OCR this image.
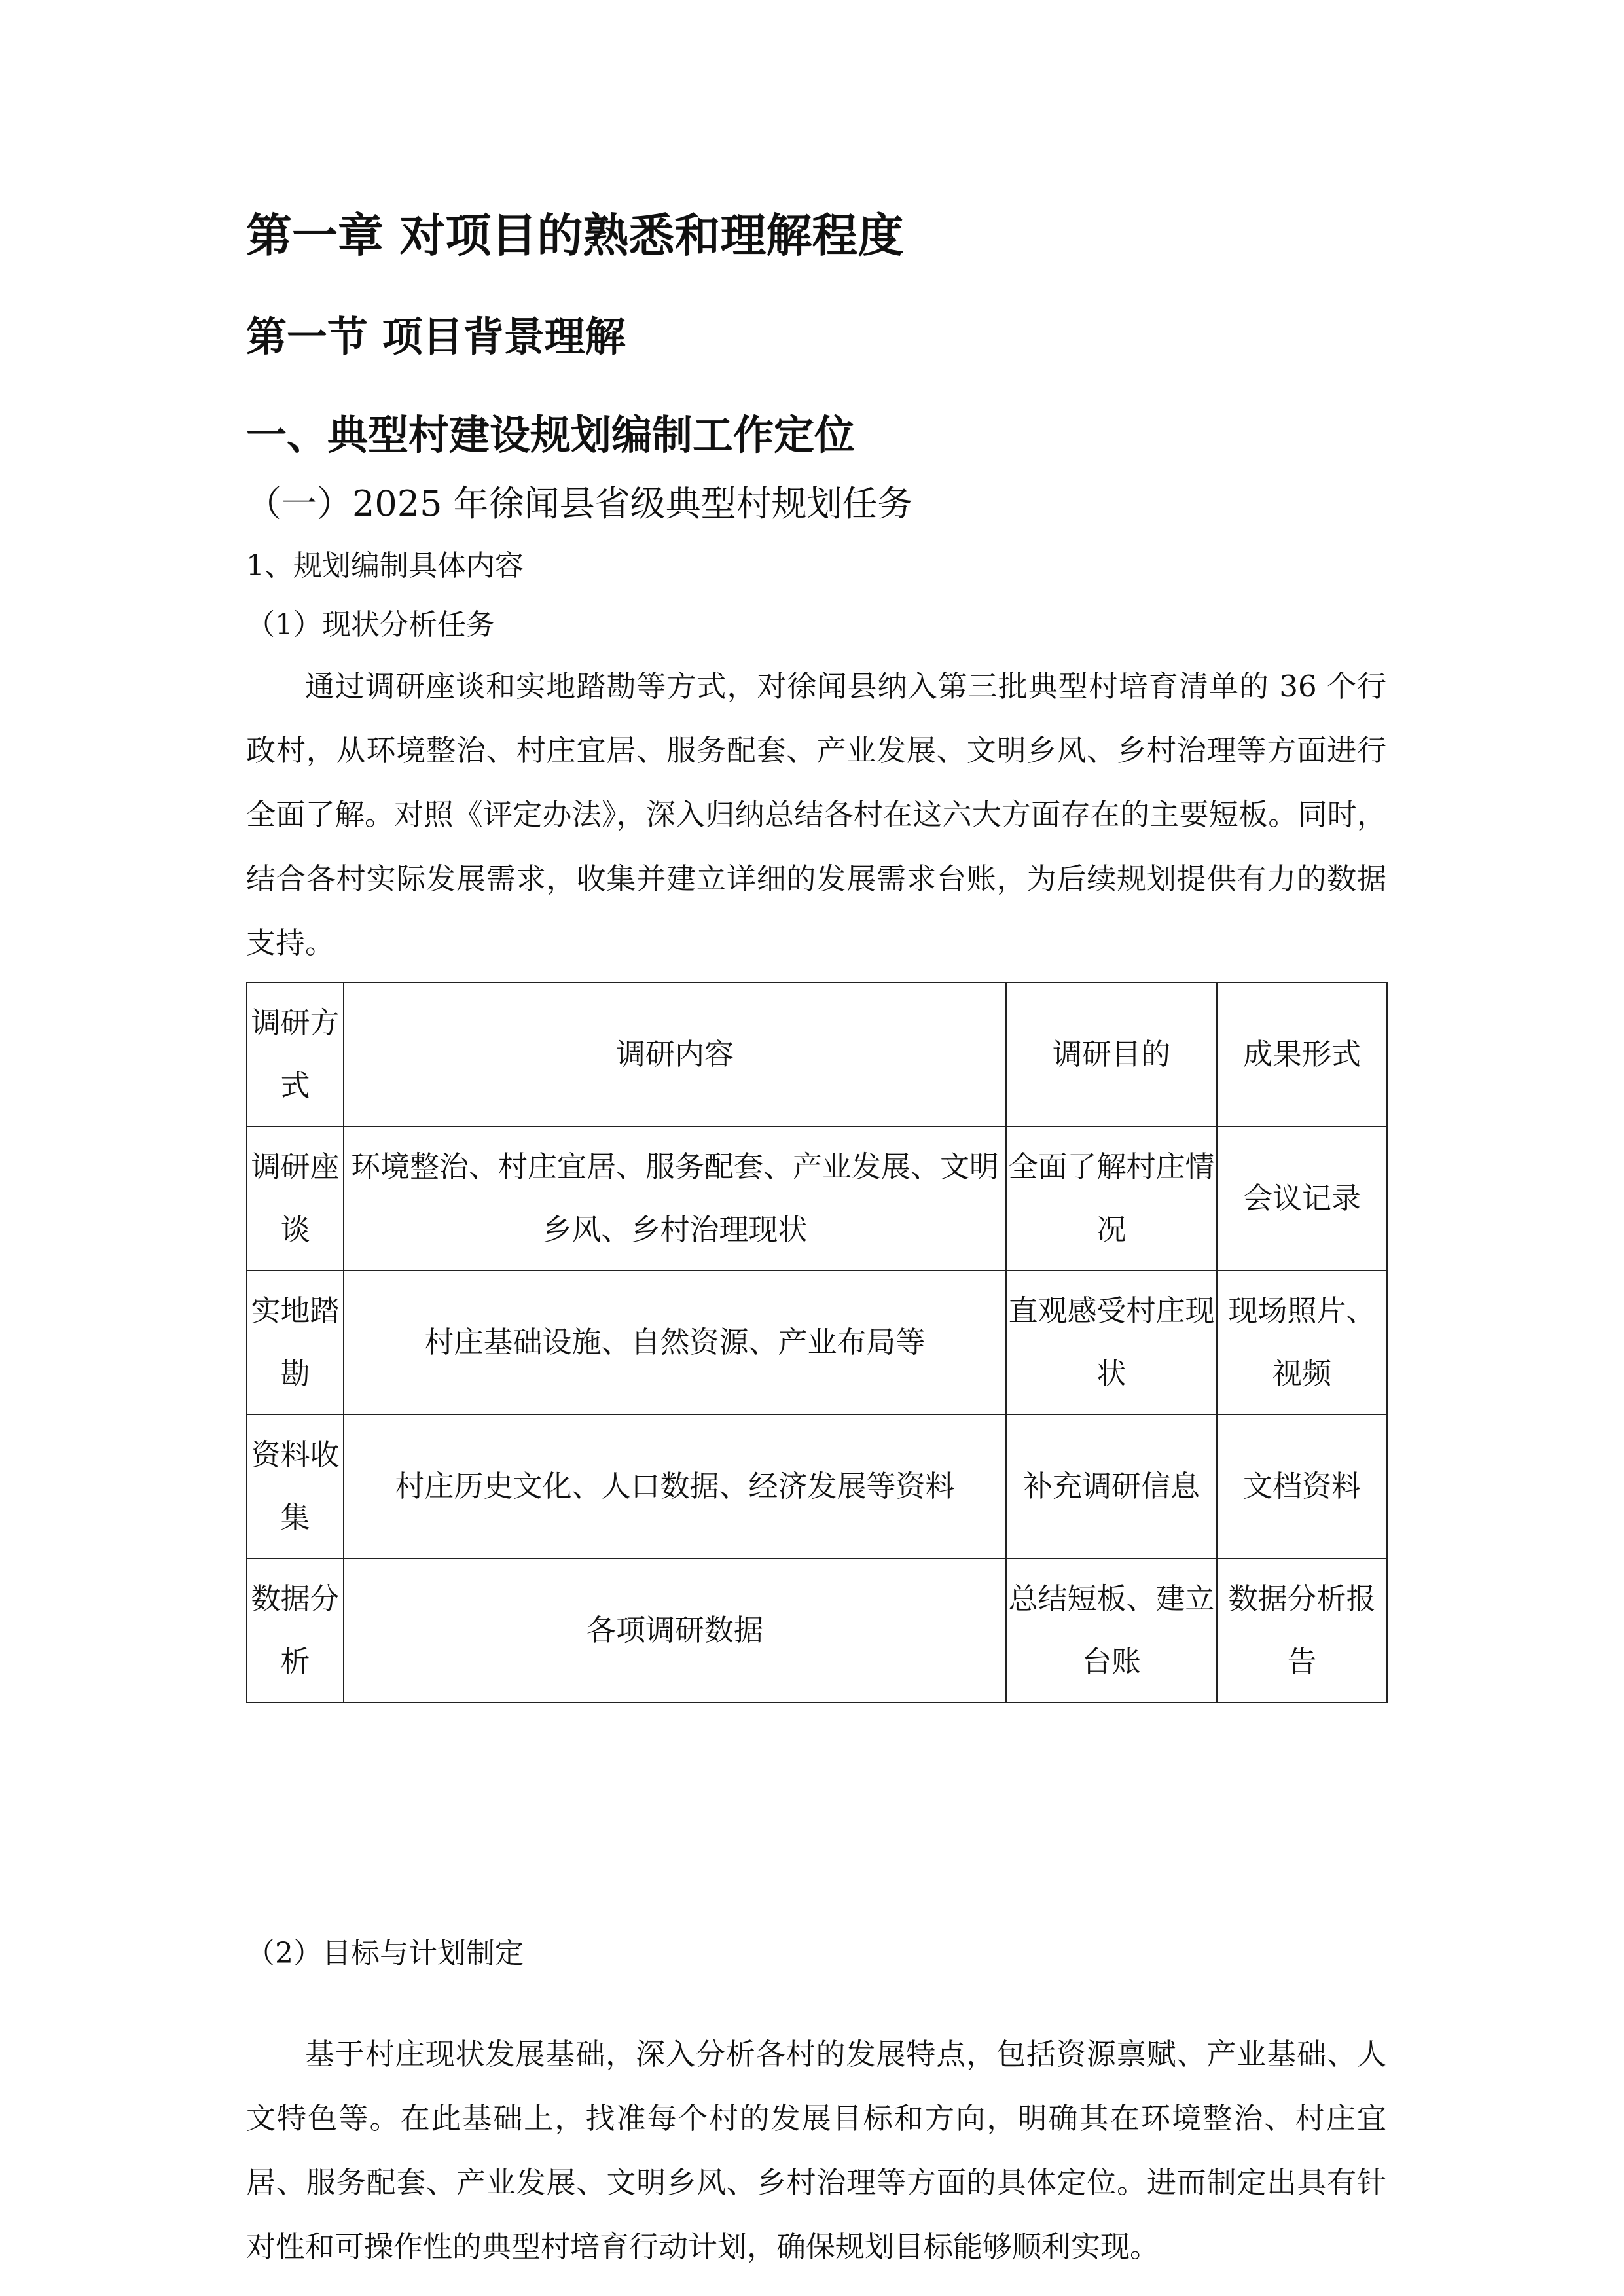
第一章 对项目的熟悉和理解程度
第一节 项目背景理解
一、典型村建设规划编制工作定位
（一）2025 年徐闻县省级典型村规划任务
1、规划编制具体内容
（1）现状分析任务

通过调研座谈和实地踏勘等方式，对徐闻县纳入第三批典型村培育清单的 36 个行政村，从环境整治、村庄宜居、服务配套、产业发展、文明乡风、乡村治理等方面进行全面了解。对照《评定办法》，深入归纳总结各村在这六大方面存在的主要短板。同时，结合各村实际发展需求，收集并建立详细的发展需求台账，为后续规划提供有力的数据支持。

调研方式	调研内容	调研目的	成果形式
调研座谈	环境整治、村庄宜居、服务配套、产业发展、文明乡风、乡村治理现状	全面了解村庄情况	会议记录
实地踏勘	村庄基础设施、自然资源、产业布局等	直观感受村庄现状	现场照片、视频
资料收集	村庄历史文化、人口数据、经济发展等资料	补充调研信息	文档资料
数据分析	各项调研数据	总结短板、建立台账	数据分析报告
（2）目标与计划制定

基于村庄现状发展基础，深入分析各村的发展特点，包括资源禀赋、产业基础、人文特色等。在此基础上，找准每个村的发展目标和方向，明确其在环境整治、村庄宜居、服务配套、产业发展、文明乡风、乡村治理等方面的具体定位。进而制定出具有针对性和可操作性的典型村培育行动计划，确保规划目标能够顺利实现。
